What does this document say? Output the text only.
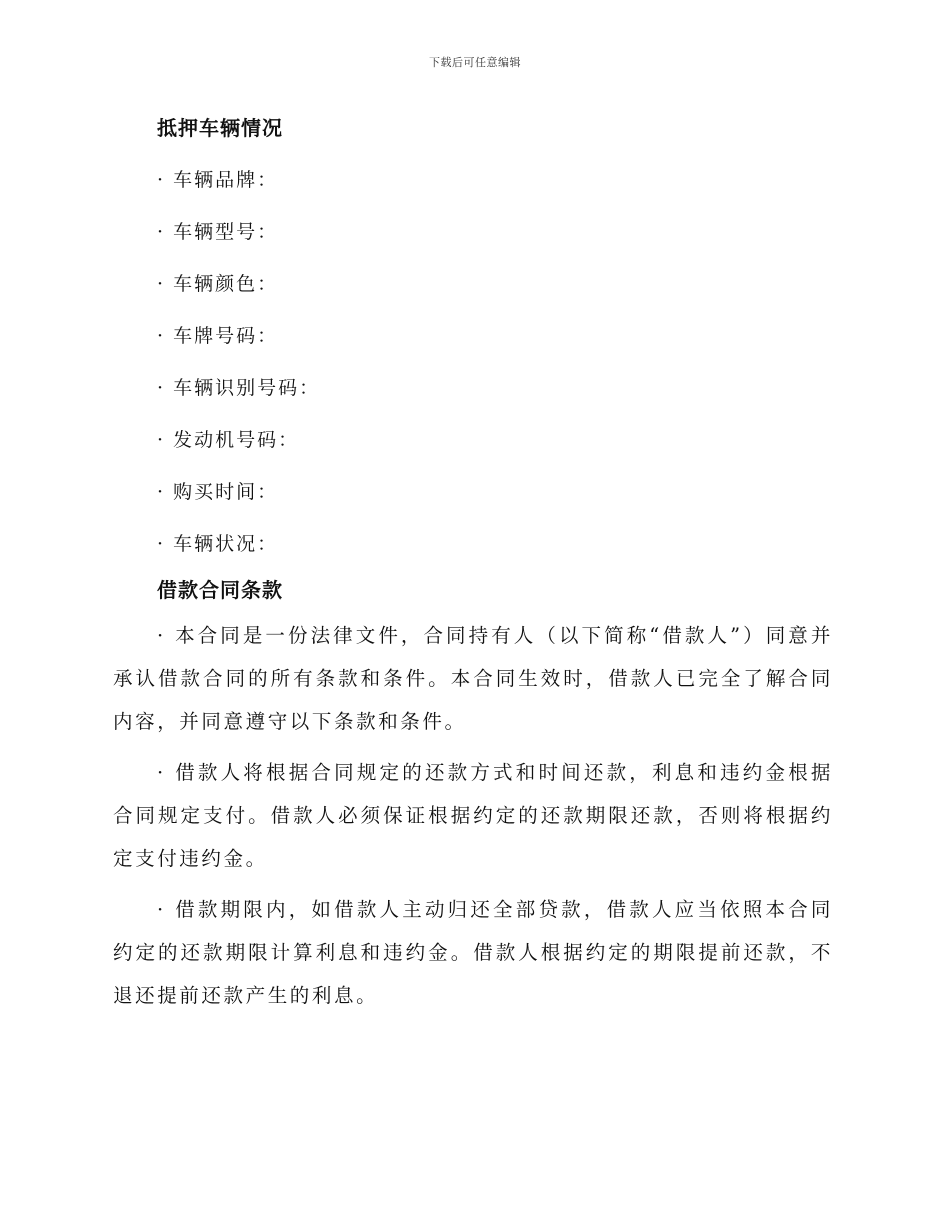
下载后可任意编辑
抵押车辆情况
· 车辆品牌：
· 车辆型号：
· 车辆颜色：
· 车牌号码：
· 车辆识别号码：
· 发动机号码：
· 购买时间：
· 车辆状况：
借款合同条款

· 本合同是一份法律文件，合同持有人（以下简称“借款人”）同意并承认借款合同的所有条款和条件。本合同生效时，借款人已完全了解合同内容，并同意遵守以下条款和条件。

· 借款人将根据合同规定的还款方式和时间还款，利息和违约金根据合同规定支付。借款人必须保证根据约定的还款期限还款，否则将根据约定支付违约金。

· 借款期限内，如借款人主动归还全部贷款，借款人应当依照本合同约定的还款期限计算利息和违约金。借款人根据约定的期限提前还款，不退还提前还款产生的利息。
